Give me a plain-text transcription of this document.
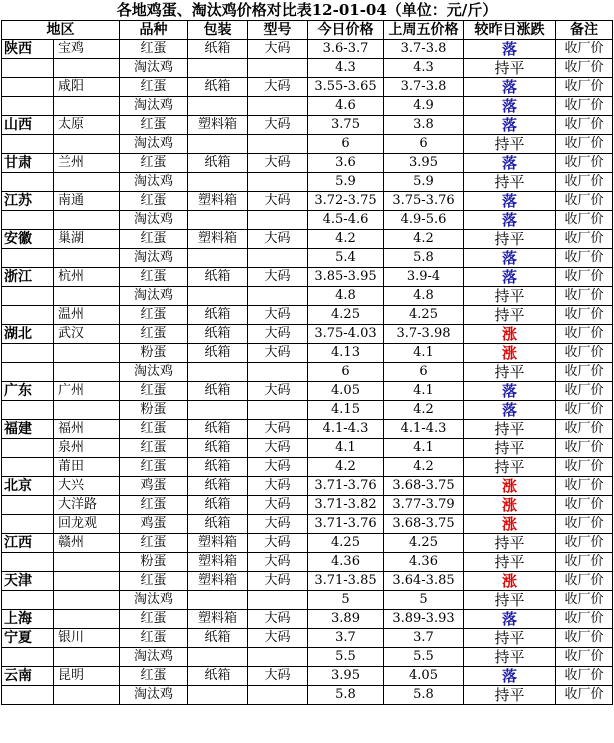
各地鸡蛋、淘汰鸡价格对比表12-01-04（单位：元/斤）
地区		品种	包装	型号	今日价格	上周五价格	较昨日涨跌	备注
陕西	宝鸡	红蛋	纸箱	大码	3.6-3.7	3.7-3.8	落	收厂价
		淘汰鸡			4.3	4.3	持平	收厂价
	咸阳	红蛋	纸箱	大码	3.55-3.65	3.7-3.8	落	收厂价
		淘汰鸡			4.6	4.9	落	收厂价
山西	太原	红蛋	塑料箱	大码	3.75	3.8	落	收厂价
		淘汰鸡			6	6	持平	收厂价
甘肃	兰州	红蛋	纸箱	大码	3.6	3.95	落	收厂价
		淘汰鸡			5.9	5.9	持平	收厂价
江苏	南通	红蛋	塑料箱	大码	3.72-3.75	3.75-3.76	落	收厂价
		淘汰鸡			4.5-4.6	4.9-5.6	落	收厂价
安徽	巢湖	红蛋	塑料箱	大码	4.2	4.2	持平	收厂价
		淘汰鸡			5.4	5.8	落	收厂价
浙江	杭州	红蛋	纸箱	大码	3.85-3.95	3.9-4	落	收厂价
		淘汰鸡			4.8	4.8	持平	收厂价
	温州	红蛋	纸箱	大码	4.25	4.25	持平	收厂价
湖北	武汉	红蛋	纸箱	大码	3.75-4.03	3.7-3.98	涨	收厂价
		粉蛋	纸箱	大码	4.13	4.1	涨	收厂价
		淘汰鸡			6	6	持平	收厂价
广东	广州	红蛋	纸箱	大码	4.05	4.1	落	收厂价
		粉蛋			4.15	4.2	落	收厂价
福建	福州	红蛋	纸箱	大码	4.1-4.3	4.1-4.3	持平	收厂价
	泉州	红蛋	纸箱	大码	4.1	4.1	持平	收厂价
	莆田	红蛋	纸箱	大码	4.2	4.2	持平	收厂价
北京	大兴	鸡蛋	纸箱	大码	3.71-3.76	3.68-3.75	涨	收厂价
	大洋路	红蛋	纸箱	大码	3.71-3.82	3.77-3.79	涨	收厂价
	回龙观	鸡蛋	纸箱	大码	3.71-3.76	3.68-3.75	涨	收厂价
江西	赣州	红蛋	塑料箱	大码	4.25	4.25	持平	收厂价
		粉蛋	塑料箱	大码	4.36	4.36	持平	收厂价
天津		红蛋	塑料箱	大码	3.71-3.85	3.64-3.85	涨	收厂价
		淘汰鸡			5	5	持平	收厂价
上海		红蛋	塑料箱	大码	3.89	3.89-3.93	落	收厂价
宁夏	银川	红蛋	纸箱	大码	3.7	3.7	持平	收厂价
		淘汰鸡			5.5	5.5	持平	收厂价
云南	昆明	红蛋	纸箱	大码	3.95	4.05	落	收厂价
		淘汰鸡			5.8	5.8	持平	收厂价
